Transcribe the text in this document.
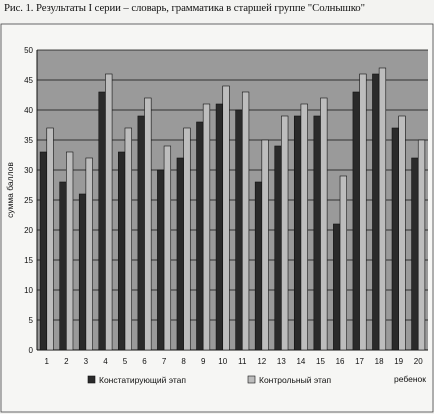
Рис. 1. Результаты I серии – словарь, грамматика в старшей группе "Солнышко"
0
5
10
15
20
25
30
35
40
45
50
1 2 3 4 5 6 7 8 9 10 11 12 13 14 15 16 17 18 19 20
сумма баллов
ребенок
Констатирующий этап	Контрольный этап
